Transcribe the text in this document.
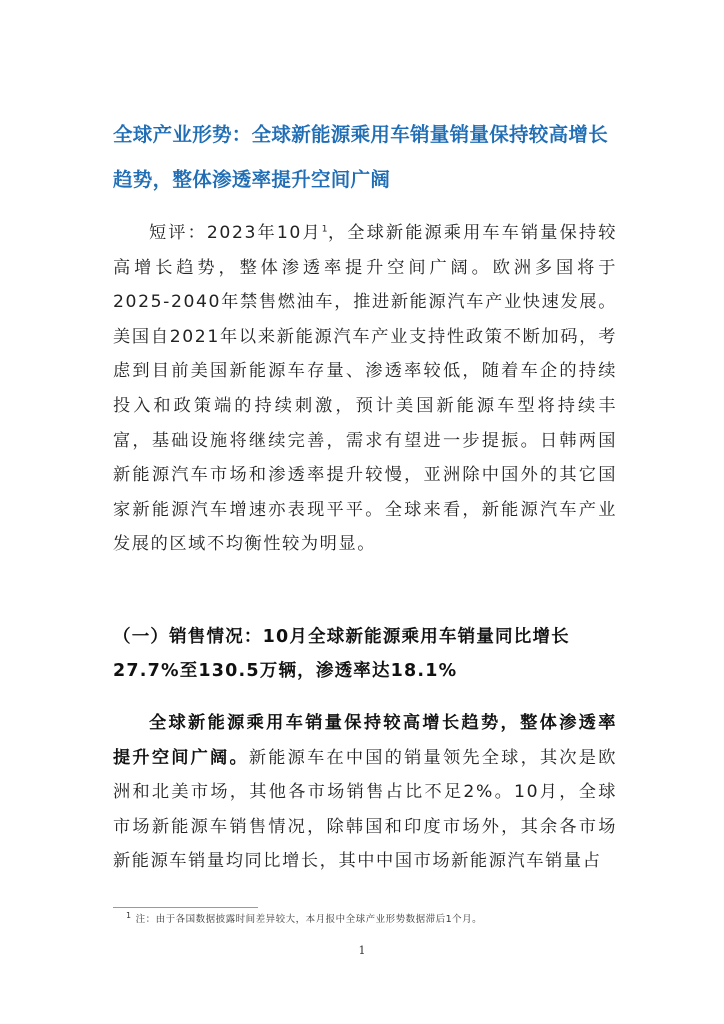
全球产业形势：全球新能源乘用车销量销量保持较高增长趋势，整体渗透率提升空间广阔
短评：2023年10月$^1$，全球新能源乘用车车销量保持较高增长趋势，整体渗透率提升空间广阔。欧洲多国将于2025-2040年禁售燃油车，推进新能源汽车产业快速发展。美国自2021年以来新能源汽车产业支持性政策不断加码，考虑到目前美国新能源车存量、渗透率较低，随着车企的持续投入和政策端的持续刺激，预计美国新能源车型将持续丰富，基础设施将继续完善，需求有望进一步提振。日韩两国新能源汽车市场和渗透率提升较慢，亚洲除中国外的其它国家新能源汽车增速亦表现平平。全球来看，新能源汽车产业发展的区域不均衡性较为明显。
（一）销售情况：10月全球新能源乘用车销量同比增长27.7%至130.5万辆，渗透率达18.1%
全球新能源乘用车销量保持较高增长趋势，整体渗透率提升空间广阔。新能源车在中国的销量领先全球，其次是欧洲和北美市场，其他各市场销售占比不足2%。10月，全球市场新能源车销售情况，除韩国和印度市场外，其余各市场新能源车销量均同比增长，其中中国市场新能源汽车销量占
$^1$ 注：由于各国数据披露时间差异较大，本月报中全球产业形势数据滞后1个月。
1
